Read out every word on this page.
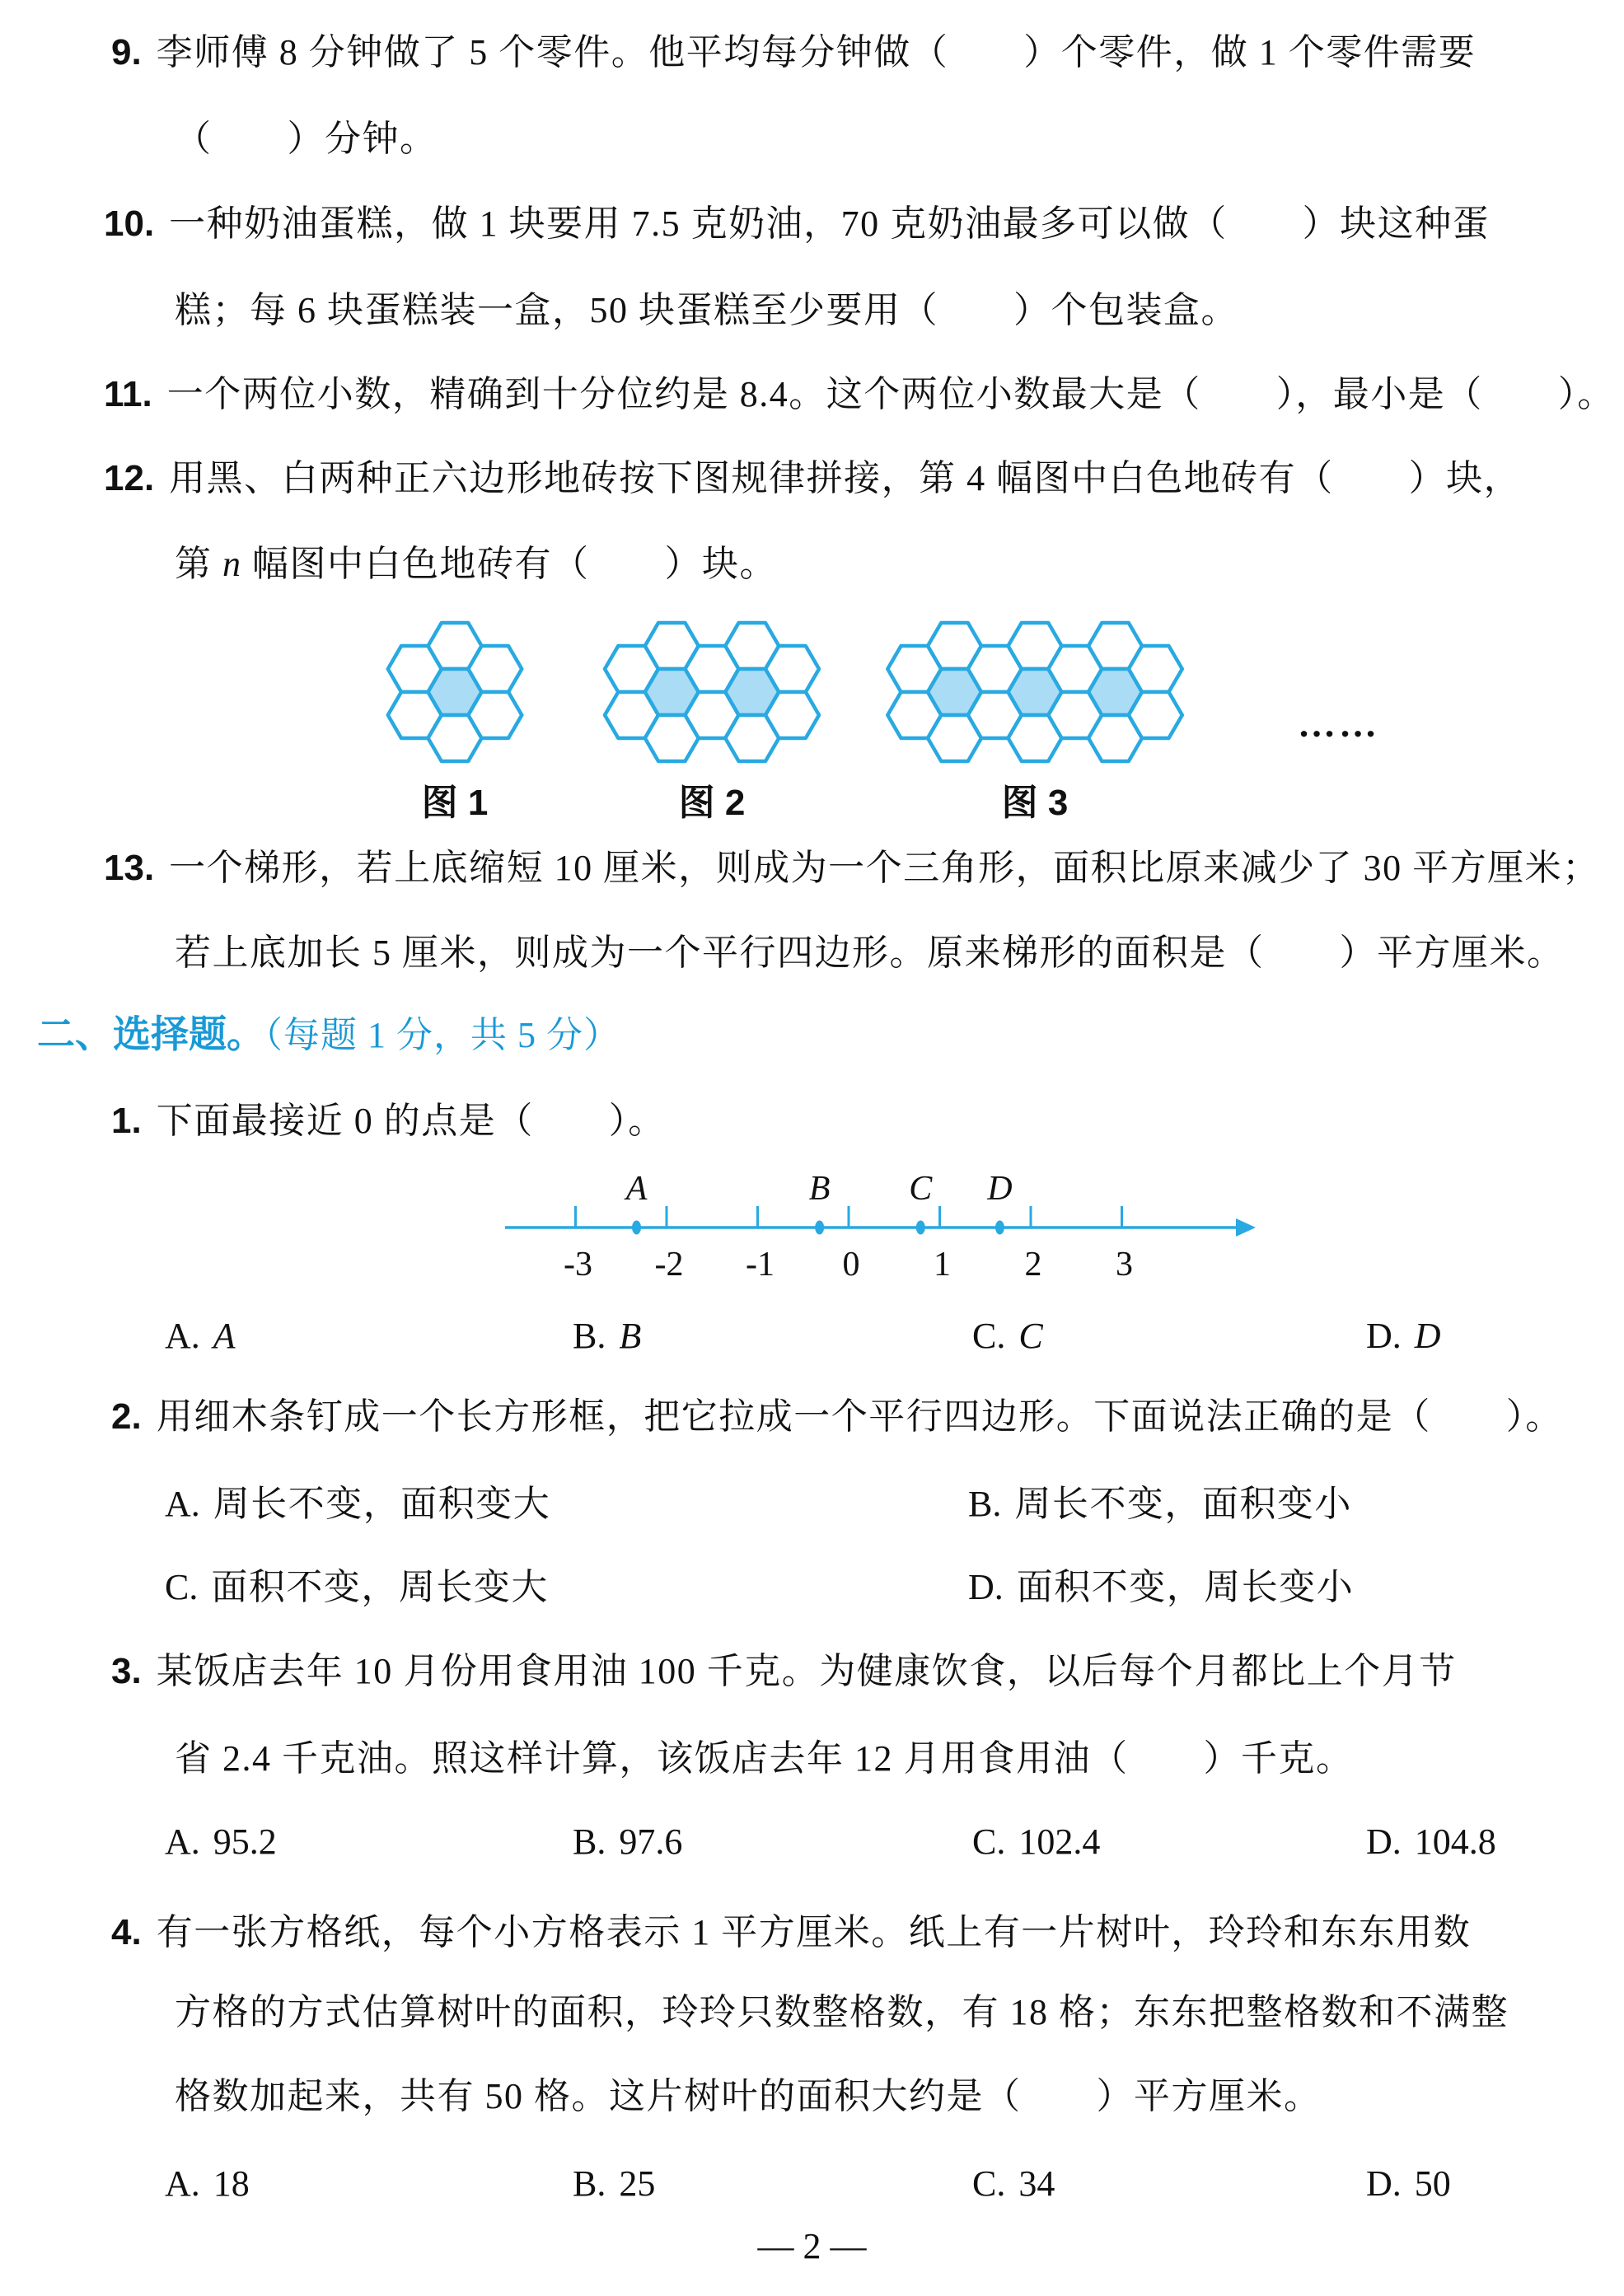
9. 李师傅 8 分钟做了 5 个零件。他平均每分钟做（　　）个零件，做 1 个零件需要
（　　）分钟。
10. 一种奶油蛋糕，做 1 块要用 7.5 克奶油，70 克奶油最多可以做（　　）块这种蛋
糕；每 6 块蛋糕装一盒，50 块蛋糕至少要用（　　）个包装盒。
11. 一个两位小数，精确到十分位约是 8.4。这个两位小数最大是（　　），最小是（　　）。
12. 用黑、白两种正六边形地砖按下图规律拼接，第 4 幅图中白色地砖有（　　）块，
第 n 幅图中白色地砖有（　　）块。
图 1	图 2	图 3
……
13. 一个梯形，若上底缩短 10 厘米，则成为一个三角形，面积比原来减少了 30 平方厘米；
若上底加长 5 厘米，则成为一个平行四边形。原来梯形的面积是（　　）平方厘米。
二、选择题。（每题 1 分，共 5 分）
1. 下面最接近 0 的点是（　　）。
-3 -2 -1 0 1 2 3
A	B C D
A. A	B. B	C. C	D. D
2. 用细木条钉成一个长方形框，把它拉成一个平行四边形。下面说法正确的是（　　）。
A. 周长不变，面积变大	B. 周长不变，面积变小
C. 面积不变，周长变大	D. 面积不变，周长变小
3. 某饭店去年 10 月份用食用油 100 千克。为健康饮食，以后每个月都比上个月节
省 2.4 千克油。照这样计算，该饭店去年 12 月用食用油（　　）千克。
A. 95.2	B. 97.6	C. 102.4	D. 104.8
4. 有一张方格纸，每个小方格表示 1 平方厘米。纸上有一片树叶，玲玲和东东用数
方格的方式估算树叶的面积，玲玲只数整格数，有 18 格；东东把整格数和不满整
格数加起来，共有 50 格。这片树叶的面积大约是（　　）平方厘米。
A. 18	B. 25	C. 34	D. 50
— 2 —
